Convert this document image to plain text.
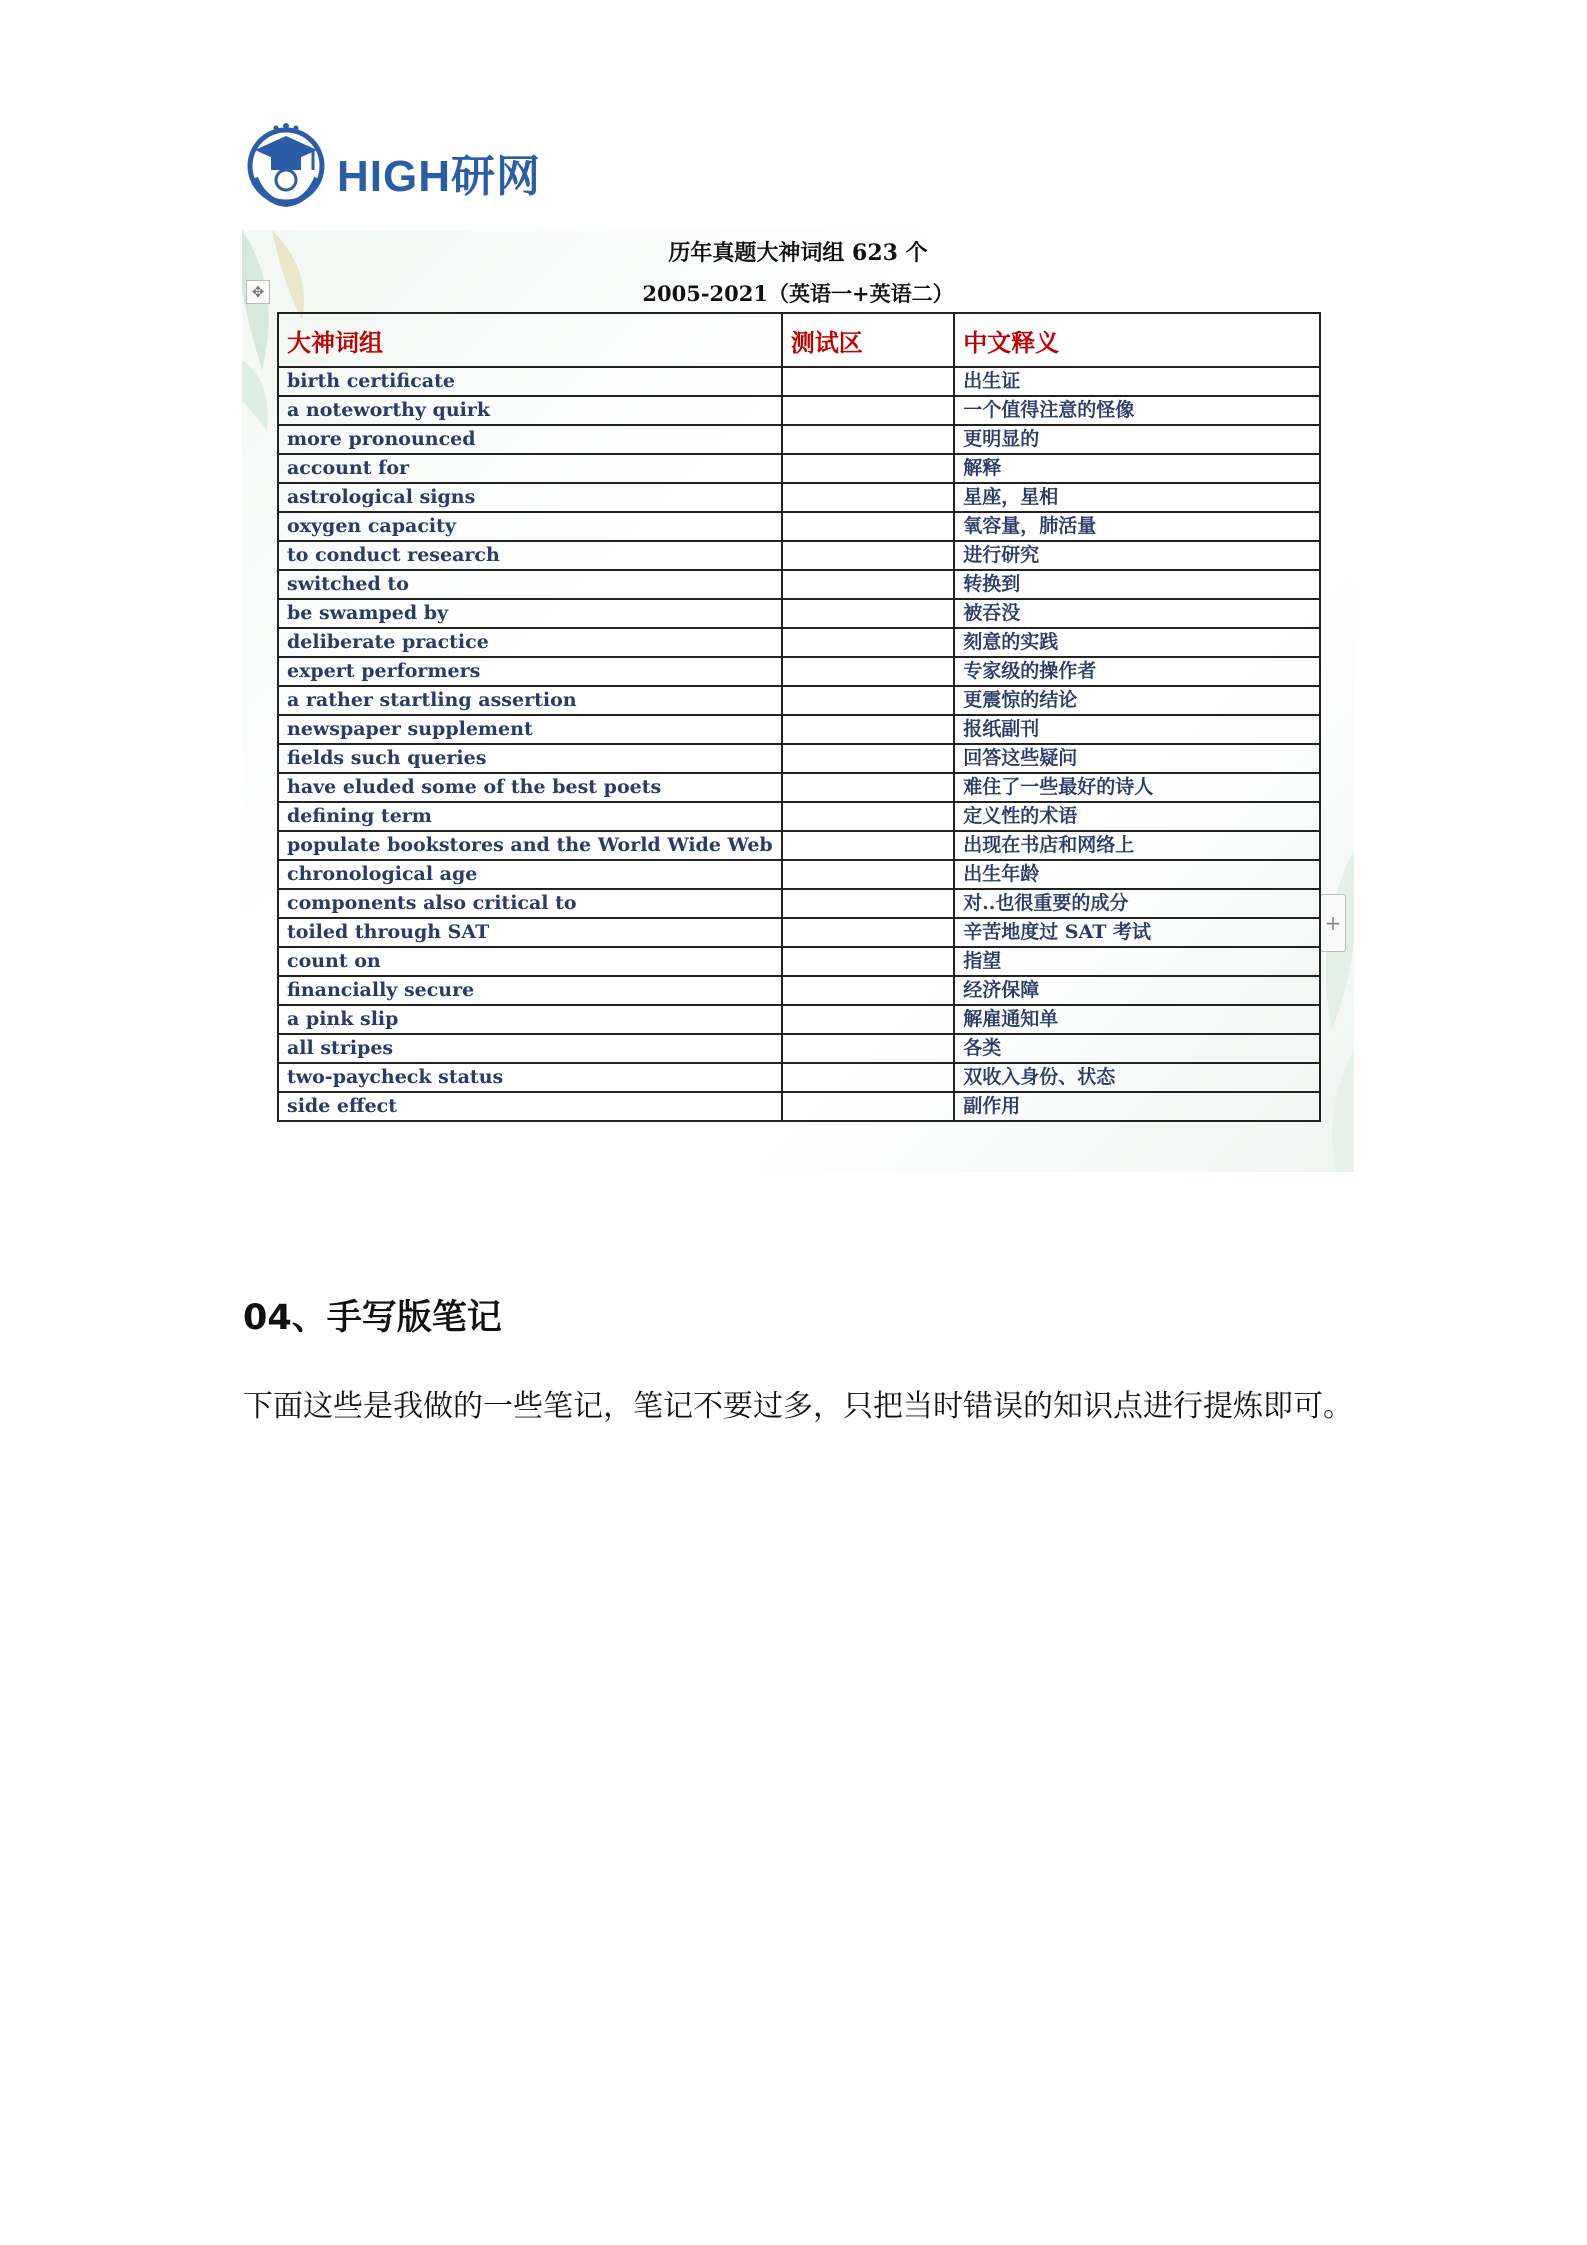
HIGH研网
历年真题大神词组 623 个
2005-2021（英语一+英语二）
✥
+
大神词组	测试区	中文释义
birth certificate		出生证
a noteworthy quirk		一个值得注意的怪像
more pronounced		更明显的
account for		解释
astrological signs		星座，星相
oxygen capacity		氧容量，肺活量
to conduct research		进行研究
switched to		转换到
be swamped by		被吞没
deliberate practice		刻意的实践
expert performers		专家级的操作者
a rather startling assertion		更震惊的结论
newspaper supplement		报纸副刊
fields such queries		回答这些疑问
have eluded some of the best poets		难住了一些最好的诗人
defining term		定义性的术语
populate bookstores and the World Wide Web		出现在书店和网络上
chronological age		出生年龄
components also critical to		对..也很重要的成分
toiled through SAT		辛苦地度过 SAT 考试
count on		指望
financially secure		经济保障
a pink slip		解雇通知单
all stripes		各类
two-paycheck status		双收入身份、状态
side effect		副作用
04、手写版笔记
下面这些是我做的一些笔记，笔记不要过多，只把当时错误的知识点进行提炼即可。
